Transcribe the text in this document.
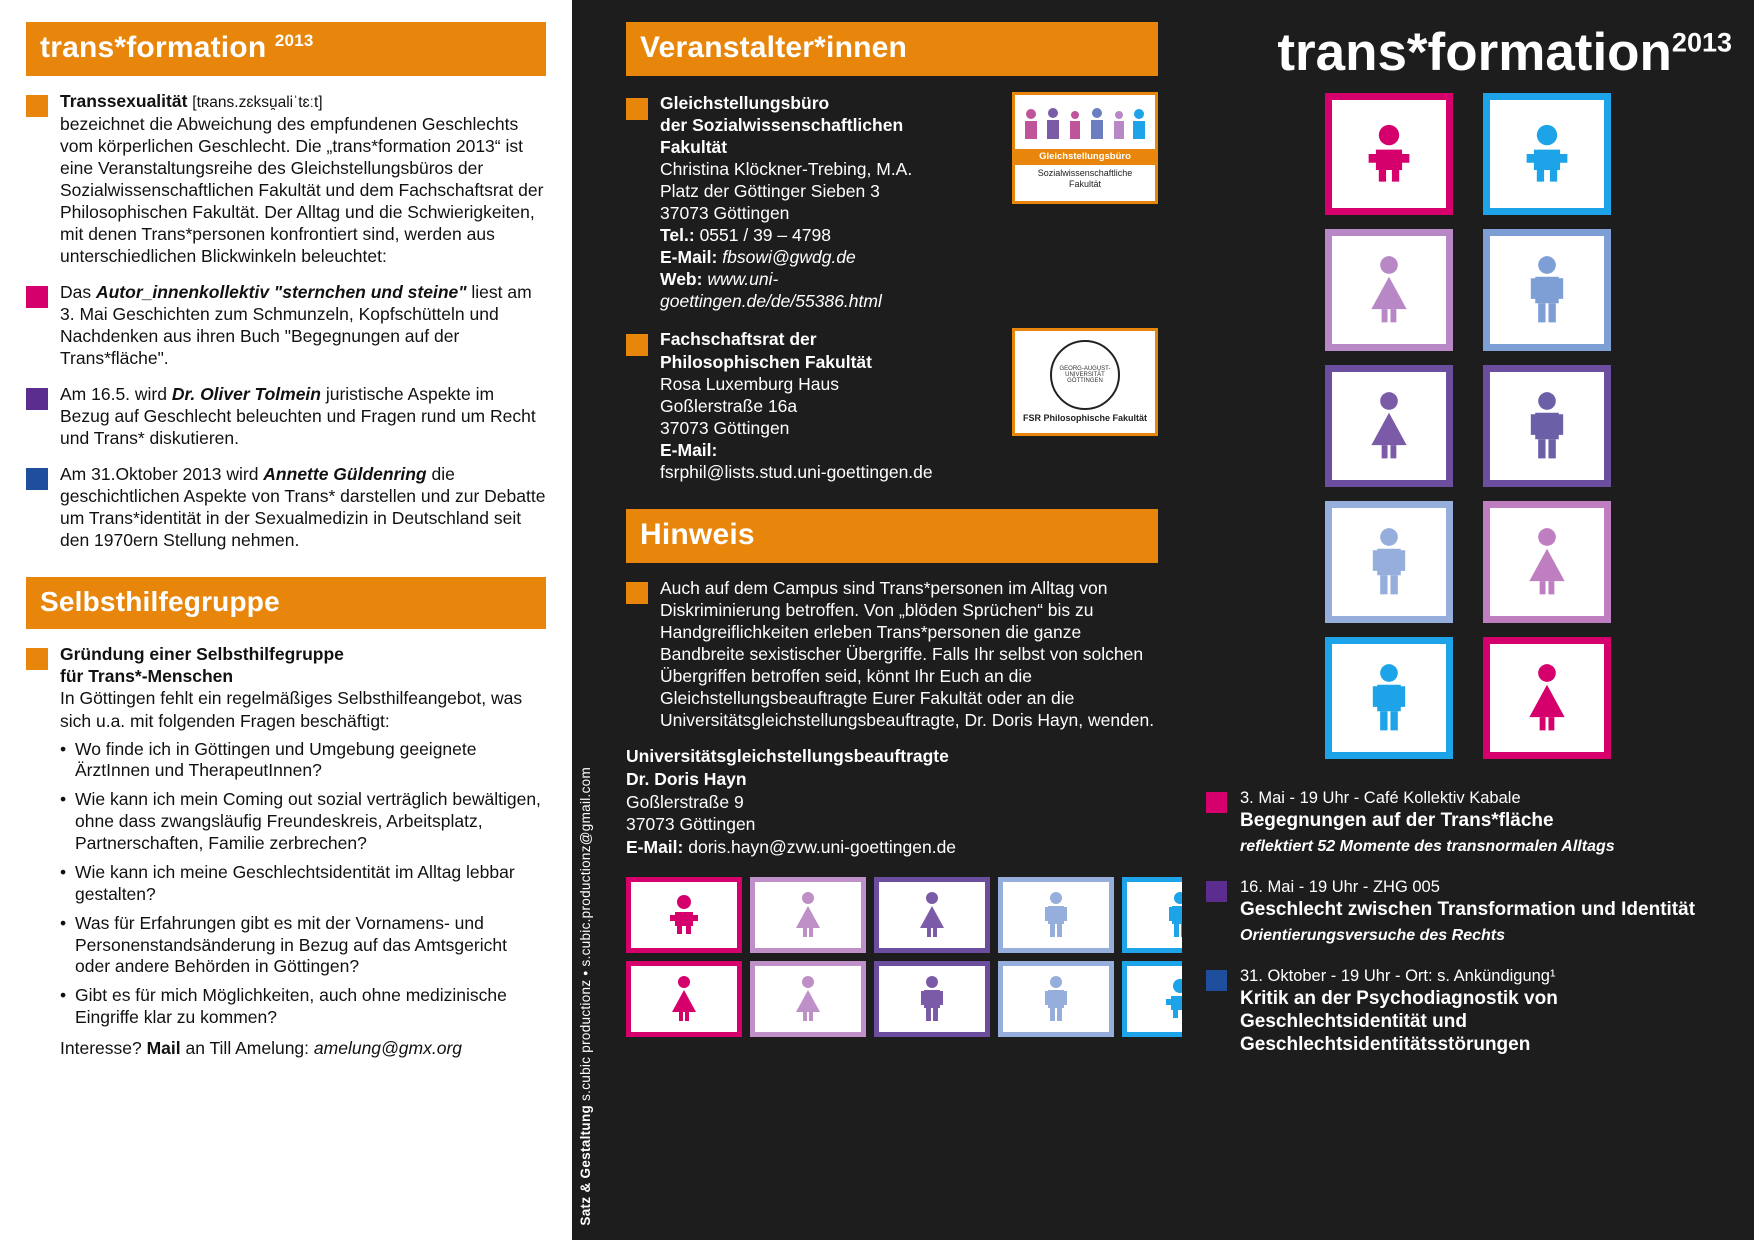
trans*formation $^{2013}$
Transsexualität [tʀans.zɛksu̯aliˈtɛːt]
bezeichnet die Abweichung des empfundenen Geschlechts vom körperlichen Geschlecht. Die „trans*formation 2013“ ist eine Veranstaltungsreihe des Gleichstellungsbüros der Sozialwissenschaftlichen Fakultät und dem Fachschaftsrat der Philosophischen Fakultät. Der Alltag und die Schwierigkeiten, mit denen Trans*personen konfrontiert sind, werden aus unterschiedlichen Blickwinkeln beleuchtet:
Das Autor_innenkollektiv "sternchen und steine" liest am 3. Mai Geschichten zum Schmunzeln, Kopfschütteln und Nachdenken aus ihren Buch "Begegnungen auf der Trans*fläche".
Am 16.5. wird Dr. Oliver Tolmein juristische Aspekte im Bezug auf Geschlecht beleuchten und Fragen rund um Recht und Trans* diskutieren.
Am 31.Oktober 2013 wird Annette Güldenring die geschichtlichen Aspekte von Trans* darstellen und zur Debatte um Trans*identität in der Sexualmedizin in Deutschland seit den 1970ern Stellung nehmen.
Selbsthilfegruppe
Gründung einer Selbsthilfegruppe
für Trans*-Menschen
In Göttingen fehlt ein regelmäßiges Selbsthilfeangebot, was sich u.a. mit folgenden Fragen beschäftigt:
• Wo finde ich in Göttingen und Umgebung geeignete ÄrztInnen und TherapeutInnen?
• Wie kann ich mein Coming out sozial verträglich bewältigen, ohne dass zwangsläufig Freundeskreis, Arbeitsplatz, Partnerschaften, Familie zerbrechen?
• Wie kann ich meine Geschlechtsidentität im Alltag lebbar gestalten?
• Was für Erfahrungen gibt es mit der Vornamens- und Personenstandsänderung in Bezug auf das Amtsgericht oder andere Behörden in Göttingen?
• Gibt es für mich Möglichkeiten, auch ohne medizinische Eingriffe klar zu kommen?
Interesse? Mail an Till Amelung: amelung@gmx.org
Satz & Gestaltung s.cubic productionz • s.cubic.productionz@gmail.com
Veranstalter*innen
Gleichstellungsbüro
der Sozialwissenschaftlichen
Fakultät
Christina Klöckner-Trebing, M.A.
Platz der Göttinger Sieben 3
37073 Göttingen
Tel.: 0551 / 39 – 4798
E-Mail: fbsowi@gwdg.de
Web: www.uni-goettingen.de/de/55386.html
Gleichstellungsbüro
Sozialwissenschaftliche
Fakultät
Fachschaftsrat der
Philosophischen Fakultät
Rosa Luxemburg Haus
Goßlerstraße 16a
37073 Göttingen
E-Mail:
fsrphil@lists.stud.uni-goettingen.de
GEORG-AUGUST-UNIVERSITÄT GÖTTINGEN
FSR Philosophische Fakultät
Hinweis
Auch auf dem Campus sind Trans*personen im Alltag von Diskriminierung betroffen. Von „blöden Sprüchen“ bis zu Handgreiflichkeiten erleben Trans*personen die ganze Bandbreite sexistischer Übergriffe. Falls Ihr selbst von solchen Übergriffen betroffen seid, könnt Ihr Euch an die Gleichstellungsbeauftragte Eurer Fakultät oder an die Universitätsgleichstellungsbeauftragte, Dr. Doris Hayn, wenden.
Universitätsgleichstellungsbeauftragte
Dr. Doris Hayn
Goßlerstraße 9
37073 Göttingen
E-Mail: doris.hayn@zvw.uni-goettingen.de
trans*formation$^{2013}$
3. Mai - 19 Uhr - Café Kollektiv Kabale
Begegnungen auf der Trans*fläche
reflektiert 52 Momente des transnormalen Alltags
16. Mai - 19 Uhr - ZHG 005
Geschlecht zwischen Transformation und Identität
Orientierungsversuche des Rechts
31. Oktober - 19 Uhr - Ort: s. Ankündigung¹
Kritik an der Psychodiagnostik von Geschlechtsidentität und Geschlechtsidentitätsstörungen
